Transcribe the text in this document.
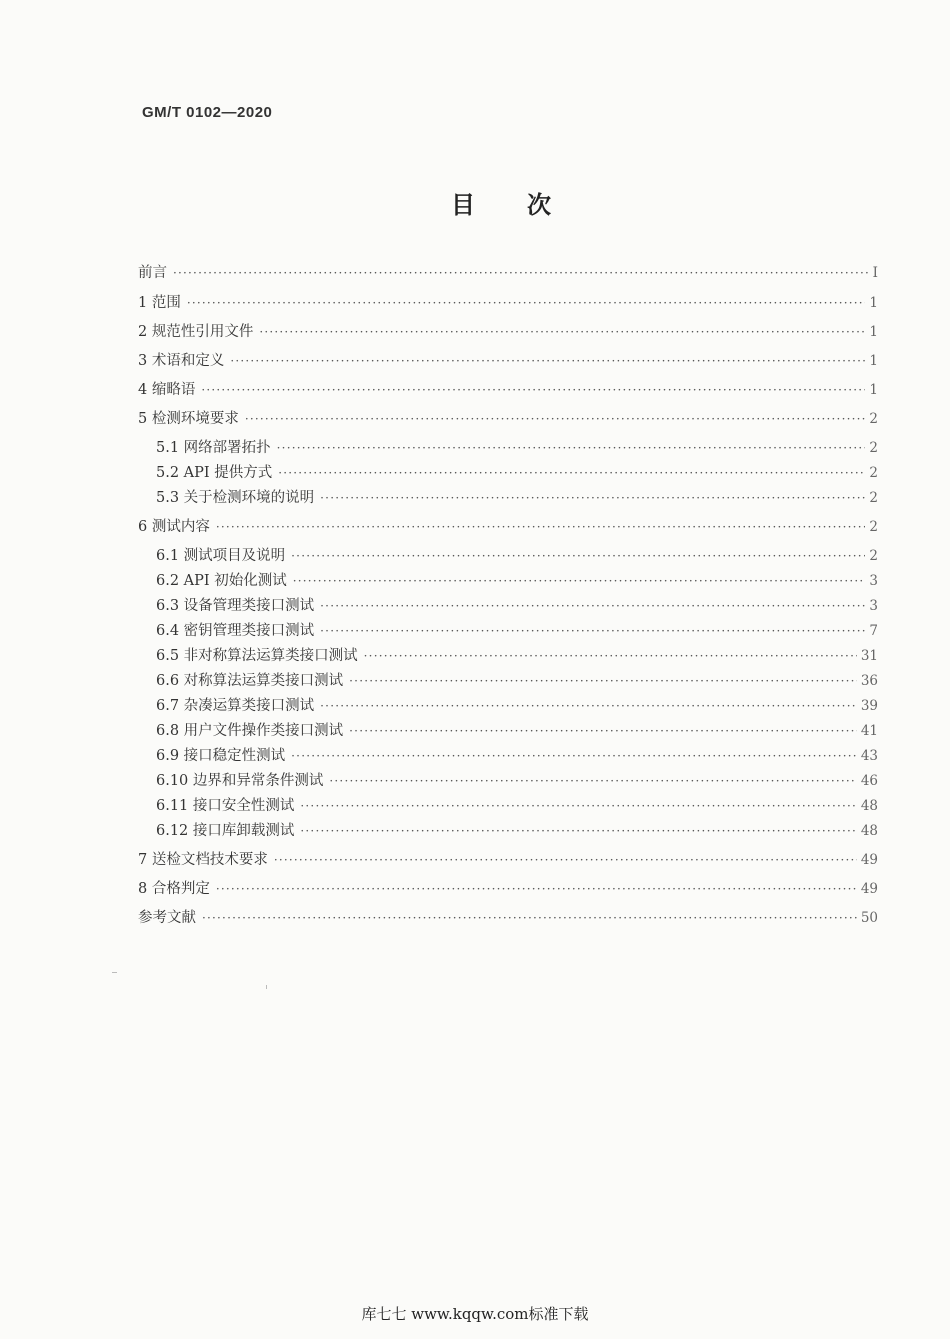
GM/T 0102—2020
目次
前言 ·····	Ⅰ
1 范围 ·····	1
2 规范性引用文件 ·····	1
3 术语和定义 ·····	1
4 缩略语 ·····	1
5 检测环境要求 ·····	2
5.1 网络部署拓扑 ·····	2
5.2 API 提供方式 ·····	2
5.3 关于检测环境的说明 ·····	2
6 测试内容 ·····	2
6.1 测试项目及说明 ·····	2
6.2 API 初始化测试 ·····	3
6.3 设备管理类接口测试 ·····	3
6.4 密钥管理类接口测试 ·····	7
6.5 非对称算法运算类接口测试 ·····	31
6.6 对称算法运算类接口测试 ·····	36
6.7 杂凑运算类接口测试 ·····	39
6.8 用户文件操作类接口测试 ·····	41
6.9 接口稳定性测试 ·····	43
6.10 边界和异常条件测试 ·····	46
6.11 接口安全性测试 ·····	48
6.12 接口库卸载测试 ·····	48
7 送检文档技术要求 ·····	49
8 合格判定 ·····	49
参考文献 ·····	50
库七七 www.kqqw.com标准下载
